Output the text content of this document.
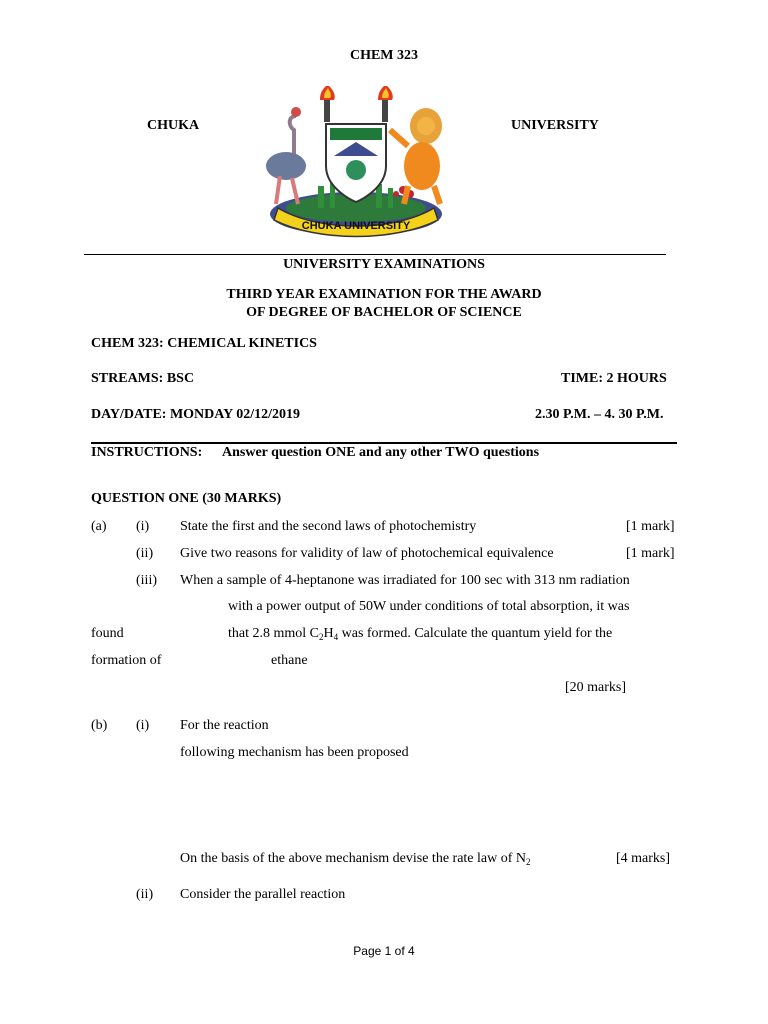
CHEM 323
CHUKA	UNIVERSITY
CHUKA UNIVERSITY
UNIVERSITY EXAMINATIONS
THIRD YEAR EXAMINATION FOR THE AWARD
OF DEGREE OF BACHELOR OF SCIENCE
CHEM 323: CHEMICAL KINETICS
STREAMS: BSC	TIME: 2 HOURS
DAY/DATE: MONDAY 02/12/2019	2.30 P.M. – 4. 30 P.M.
INSTRUCTIONS: Answer question ONE and any other TWO questions
QUESTION ONE (30 MARKS)
(a) (i) State the first and the second laws of photochemistry	[1 mark]
(ii) Give two reasons for validity of law of photochemical equivalence	[1 mark]
(iii) When a sample of 4-heptanone was irradiated for 100 sec with 313 nm radiation
with a power output of 50W under conditions of total absorption, it was
found	that 2.8 mmol $C_2H_4$ was formed. Calculate the quantum yield for the
formation of	ethane
[20 marks]
(b) (i) For the reaction
following mechanism has been proposed
On the basis of the above mechanism devise the rate law of $N_2$	[4 marks]
(ii) Consider the parallel reaction
Page 1 of 4
